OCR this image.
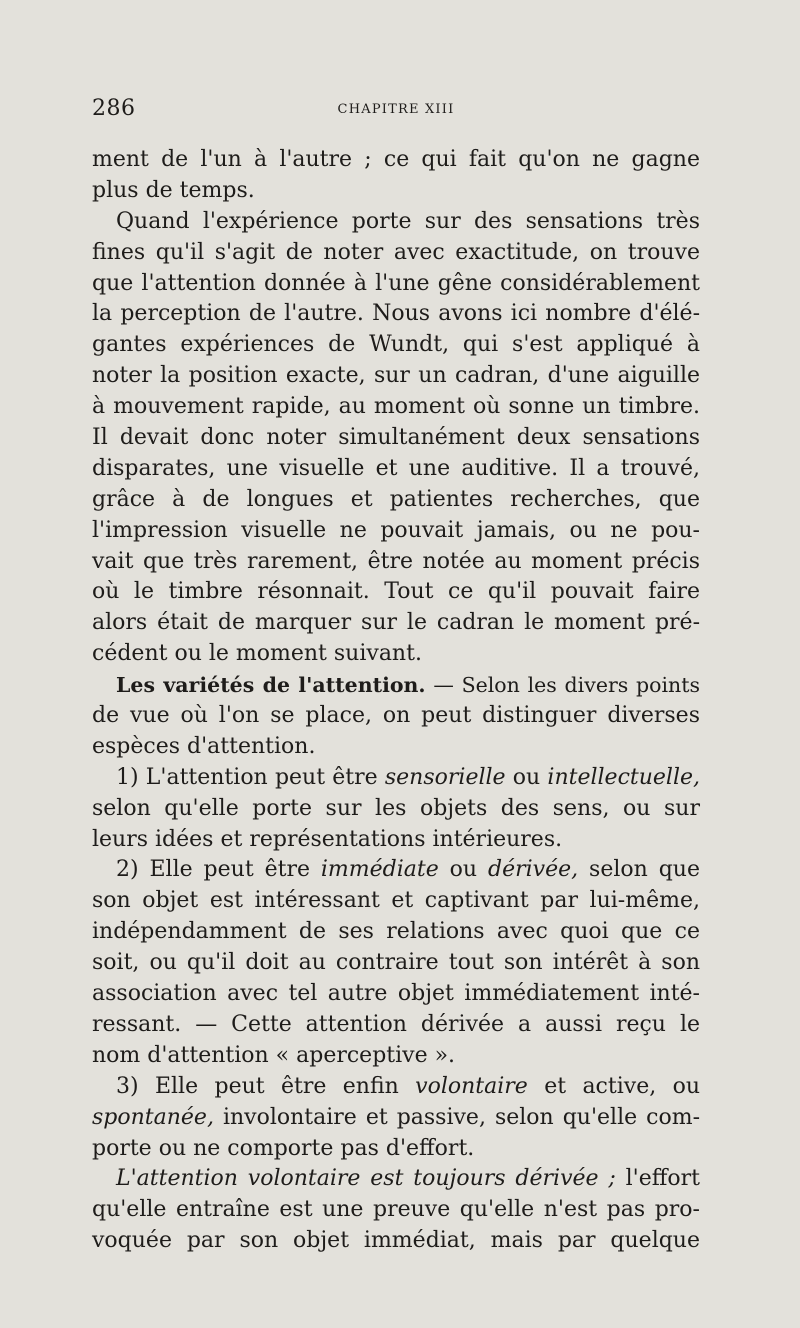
286	CHAPITRE XIII
ment de l'un à l'autre ; ce qui fait qu'on ne gagne
plus de temps.
Quand l'expérience porte sur des sensations très
fines qu'il s'agit de noter avec exactitude, on trouve
que l'attention donnée à l'une gêne considérablement
la perception de l'autre. Nous avons ici nombre d'élé-
gantes expériences de Wundt, qui s'est appliqué à
noter la position exacte, sur un cadran, d'une aiguille
à mouvement rapide, au moment où sonne un timbre.
Il devait donc noter simultanément deux sensations
disparates, une visuelle et une auditive. Il a trouvé,
grâce à de longues et patientes recherches, que
l'impression visuelle ne pouvait jamais, ou ne pou-
vait que très rarement, être notée au moment précis
où le timbre résonnait. Tout ce qu'il pouvait faire
alors était de marquer sur le cadran le moment pré-
cédent ou le moment suivant.
Les variétés de l'attention. — Selon les divers points
de vue où l'on se place, on peut distinguer diverses
espèces d'attention.
1) L'attention peut être sensorielle ou intellectuelle,
selon qu'elle porte sur les objets des sens, ou sur
leurs idées et représentations intérieures.
2) Elle peut être immédiate ou dérivée, selon que
son objet est intéressant et captivant par lui-même,
indépendamment de ses relations avec quoi que ce
soit, ou qu'il doit au contraire tout son intérêt à son
association avec tel autre objet immédiatement inté-
ressant. — Cette attention dérivée a aussi reçu le
nom d'attention « aperceptive ».
3) Elle peut être enfin volontaire et active, ou
spontanée, involontaire et passive, selon qu'elle com-
porte ou ne comporte pas d'effort.
L'attention volontaire est toujours dérivée ; l'effort
qu'elle entraîne est une preuve qu'elle n'est pas pro-
voquée par son objet immédiat, mais par quelque
